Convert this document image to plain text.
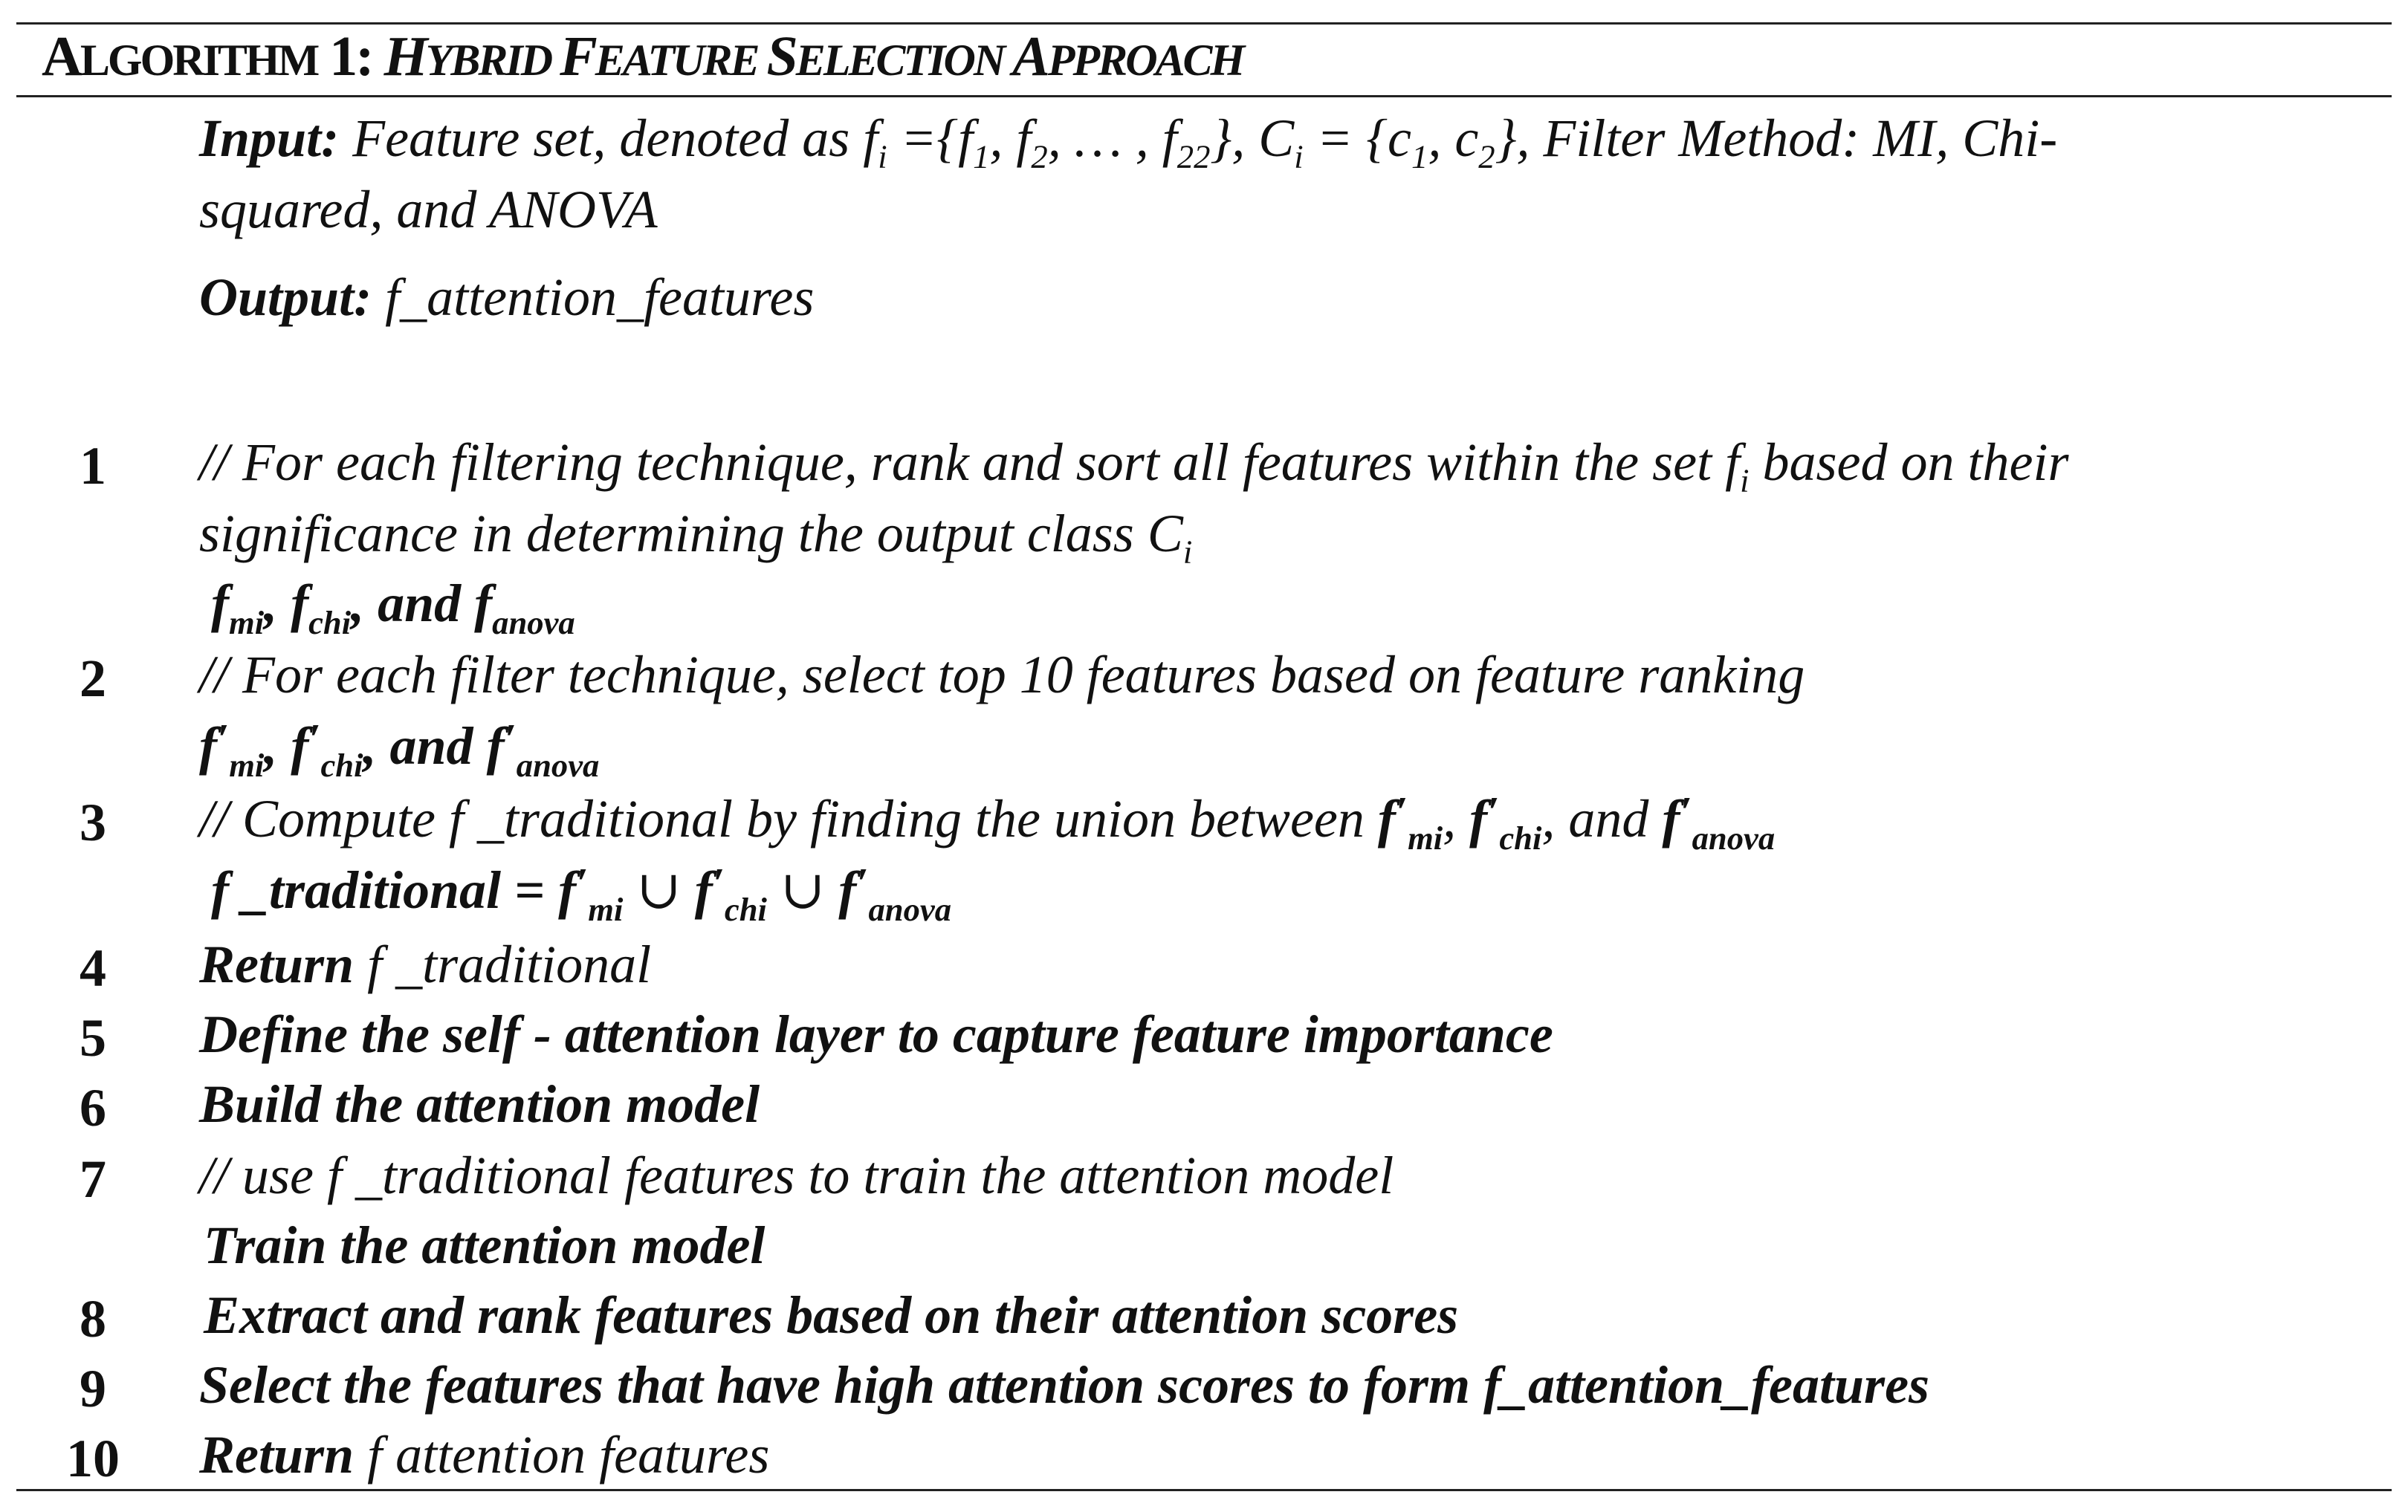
ALGORITHM 1: HYBRID FEATURE SELECTION APPROACH
Input: Feature set, denoted as $f_i =\{f_1$, $f_2$, … , $f_{22}$}, $C_i = \{c_1$, $c_2$}, Filter Method: MI, Chi-
squared, and ANOVA
Output: f_attention_features
1	// For each filtering technique, rank and sort all features within the set $f_i$ based on their
significance in determining the output class $C_i$
$f_{mi}$, $f_{chi}$, and $f_{anova}$
2	// For each filter technique, select top 10 features based on feature ranking
$f'_{mi}$, $f'_{chi}$, and $f'_{anova}$
3	// Compute f _traditional by finding the union between $f'_{mi}$, $f'_{chi}$, and $f'_{anova}$
f _traditional = $f'_{mi}$ ∪ $f'_{chi}$ ∪ $f'_{anova}$
4	Return f _traditional
5	Define the self - attention layer to capture feature importance
6	Build the attention model
7	// use f _traditional features to train the attention model
Train the attention model
8	Extract and rank features based on their attention scores
9	Select the features that have high attention scores to form f_attention_features
10 Return f attention features
